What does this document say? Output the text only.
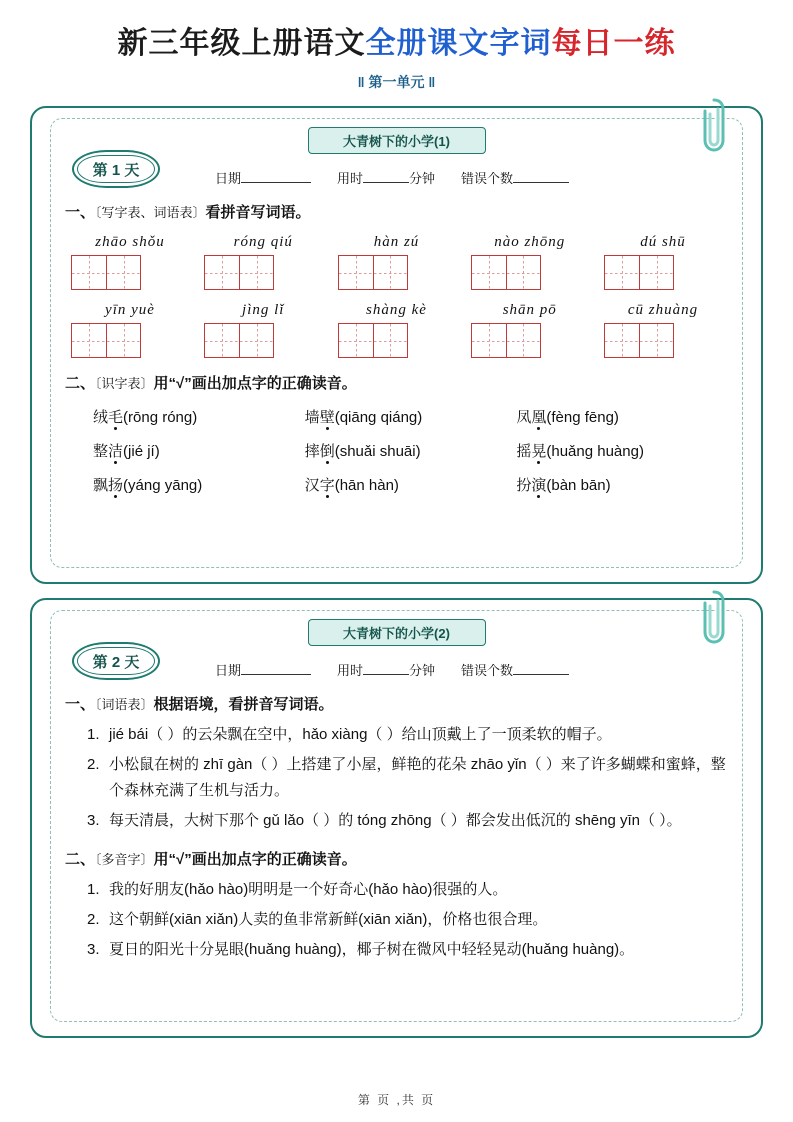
新三年级上册语文全册课文字词每日一练
‖ 第一单元 ‖
大青树下的小学(1)
第 1 天	日期	用时	分钟 错误个数
一、〔写字表、词语表〕看拼音写词语。
zhāo shǒu	róng qiú	hàn zú	nào zhōng	dú shū
yīn yuè	jìng lǐ	shàng kè	shān pō	cū zhuàng
二、〔识字表〕用“√”画出加点字的正确读音。
绒毛(rōng róng)	墙壁(qiāng qiáng)	凤凰(fèng fēng)
整洁(jié jí)	摔倒(shuǎi shuāi)	摇晃(huǎng huàng)
飘扬(yáng yāng)	汉字(hān hàn)	扮演(bàn bān)
大青树下的小学(2)
第 2 天	日期	用时	分钟 错误个数
一、〔词语表〕根据语境，看拼音写词语。
1. jié bái（ ）的云朵飘在空中，hǎo xiàng（ ）给山顶戴上了一顶柔软的帽子。
2. 小松鼠在树的 zhī gàn（ ）上搭建了小屋，鲜艳的花朵 zhāo yǐn（ ）来了许多蝴蝶和蜜蜂，整个森林充满了生机与活力。
3. 每天清晨，大树下那个 gǔ lǎo（ ）的 tóng zhōng（ ）都会发出低沉的 shēng yīn（ ）。
二、〔多音字〕用“√”画出加点字的正确读音。
1. 我的好朋友(hǎo hào)明明是一个好奇心(hǎo hào)很强的人。
2. 这个朝鲜(xiān xiǎn)人卖的鱼非常新鲜(xiān xiǎn)，价格也很合理。
3. 夏日的阳光十分晃眼(huǎng huàng)，椰子树在微风中轻轻晃动(huǎng huàng)。
第 页 ,共 页
